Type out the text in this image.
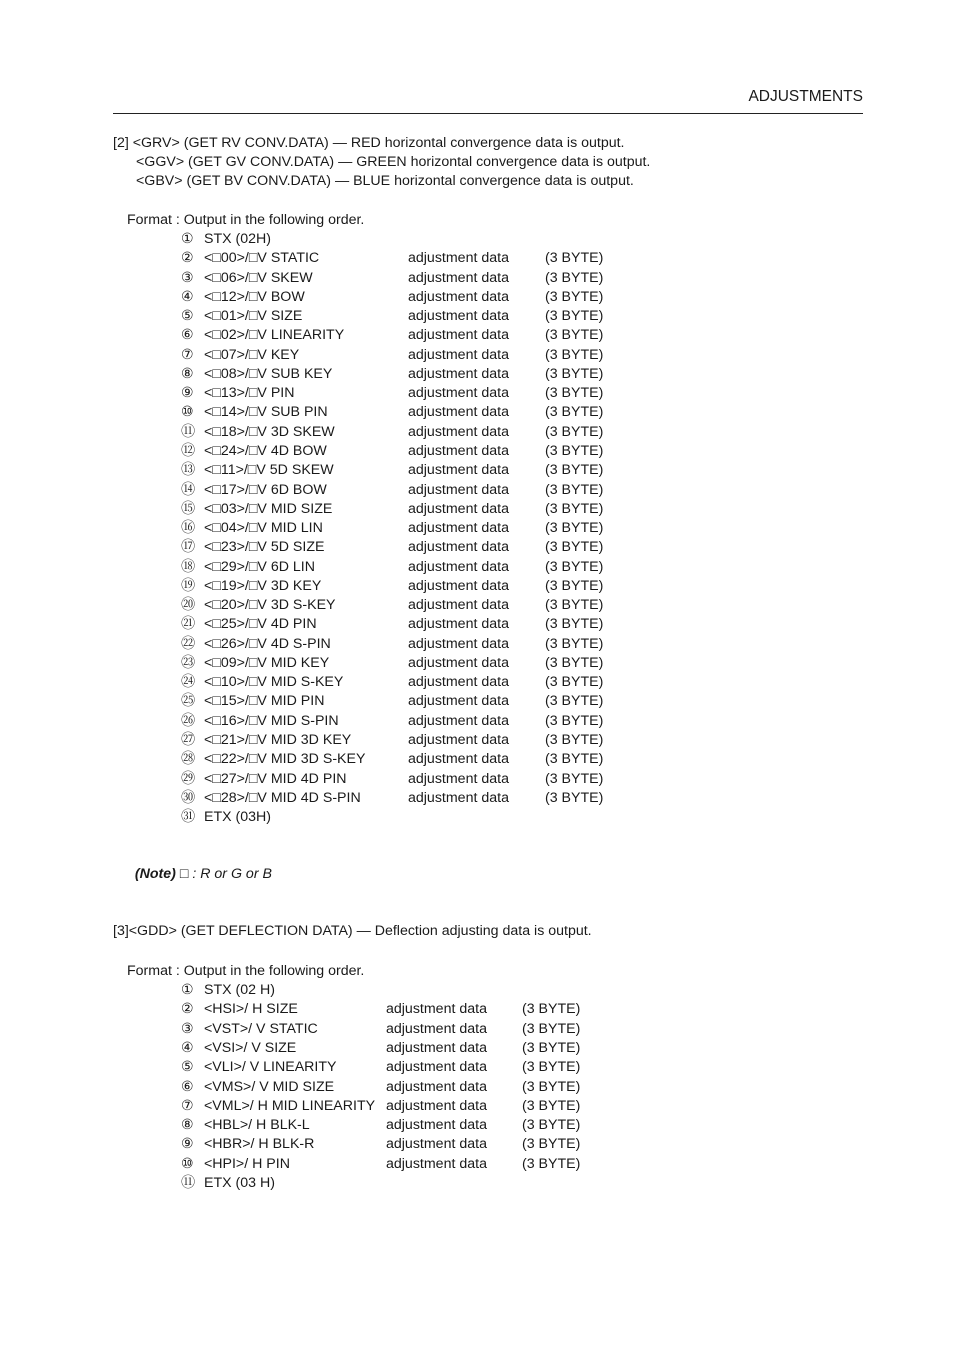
ADJUSTMENTS
[2] <GRV> (GET RV CONV.DATA) — RED horizontal convergence data is output.
<GGV> (GET GV CONV.DATA) — GREEN horizontal convergence data is output.
<GBV> (GET BV CONV.DATA) — BLUE horizontal convergence data is output.
Format : Output in the following order.
① STX (02H)
② <□00>/□V STATIC	adjustment data	(3 BYTE)
③ <□06>/□V SKEW	adjustment data	(3 BYTE)
④ <□12>/□V BOW	adjustment data	(3 BYTE)
⑤ <□01>/□V SIZE	adjustment data	(3 BYTE)
⑥ <□02>/□V LINEARITY	adjustment data	(3 BYTE)
⑦ <□07>/□V KEY	adjustment data	(3 BYTE)
⑧ <□08>/□V SUB KEY	adjustment data	(3 BYTE)
⑨ <□13>/□V PIN	adjustment data	(3 BYTE)
⑩ <□14>/□V SUB PIN	adjustment data	(3 BYTE)
⑪ <□18>/□V 3D SKEW	adjustment data	(3 BYTE)
⑫ <□24>/□V 4D BOW	adjustment data	(3 BYTE)
⑬ <□11>/□V 5D SKEW	adjustment data	(3 BYTE)
⑭ <□17>/□V 6D BOW	adjustment data	(3 BYTE)
⑮ <□03>/□V MID SIZE	adjustment data	(3 BYTE)
⑯ <□04>/□V MID LIN	adjustment data	(3 BYTE)
⑰ <□23>/□V 5D SIZE	adjustment data	(3 BYTE)
⑱ <□29>/□V 6D LIN	adjustment data	(3 BYTE)
⑲ <□19>/□V 3D KEY	adjustment data	(3 BYTE)
⑳ <□20>/□V 3D S-KEY	adjustment data	(3 BYTE)
㉑ <□25>/□V 4D PIN	adjustment data	(3 BYTE)
㉒ <□26>/□V 4D S-PIN	adjustment data	(3 BYTE)
㉓ <□09>/□V MID KEY	adjustment data	(3 BYTE)
㉔ <□10>/□V MID S-KEY	adjustment data	(3 BYTE)
㉕ <□15>/□V MID PIN	adjustment data	(3 BYTE)
㉖ <□16>/□V MID S-PIN	adjustment data	(3 BYTE)
㉗ <□21>/□V MID 3D KEY	adjustment data	(3 BYTE)
㉘ <□22>/□V MID 3D S-KEY	adjustment data	(3 BYTE)
㉙ <□27>/□V MID 4D PIN	adjustment data	(3 BYTE)
㉚ <□28>/□V MID 4D S-PIN	adjustment data	(3 BYTE)
㉛ ETX (03H)

(Note) □ : R or G or B

[3]<GDD> (GET DEFLECTION DATA) — Deflection adjusting data is output.
Format : Output in the following order.
① STX (02 H)
② <HSI>/ H SIZE	adjustment data (3 BYTE)
③ <VST>/ V STATIC	adjustment data (3 BYTE)
④ <VSI>/ V SIZE	adjustment data (3 BYTE)
⑤ <VLI>/ V LINEARITY	adjustment data (3 BYTE)
⑥ <VMS>/ V MID SIZE	adjustment data (3 BYTE)
⑦ <VML>/ H MID LINEARITY adjustment data (3 BYTE)
⑧ <HBL>/ H BLK-L	adjustment data (3 BYTE)
⑨ <HBR>/ H BLK-R	adjustment data (3 BYTE)
⑩ <HPI>/ H PIN	adjustment data (3 BYTE)
⑪ ETX (03 H)
